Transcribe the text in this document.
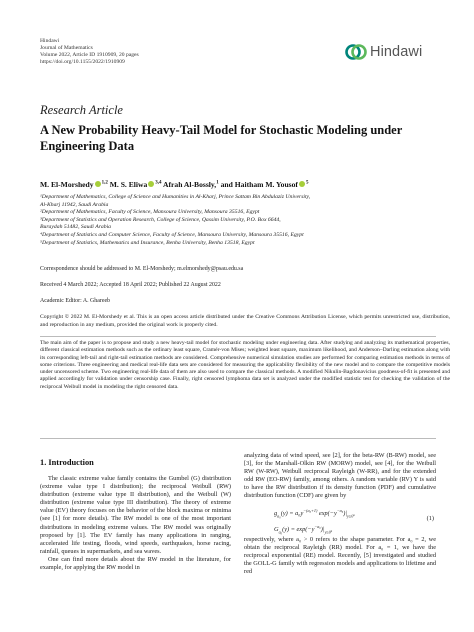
Hindawi
Journal of Mathematics
Volume 2022, Article ID 1910909, 20 pages
https://doi.org/10.1155/2022/1910909
Hindawi
Research Article
A New Probability Heavy-Tail Model for Stochastic Modeling under Engineering Data
M. El-Morshedy $^{1,2}$ M. S. Eliwa $^{3,4}$ Afrah Al-Bossly,$^1$ and Haitham M. Yousof $^5$
¹Department of Mathematics, College of Science and Humanities in Al-Kharj, Prince Sattam Bin Abdulaziz University,
Al-Kharj 11942, Saudi Arabia
²Department of Mathematics, Faculty of Science, Mansoura University, Mansoura 35516, Egypt
³Department of Statistics and Operation Research, College of Science, Qassim University, P.O. Box 6644,
Buraydah 51482, Saudi Arabia
⁴Department of Statistics and Computer Science, Faculty of Science, Mansoura University, Mansoura 35516, Egypt
⁵Department of Statistics, Mathematics and Insurance, Benha University, Benha 13518, Egypt
Correspondence should be addressed to M. El-Morshedy; m.elmorshedy@psau.edu.sa
Received 4 March 2022; Accepted 18 April 2022; Published 22 August 2022
Academic Editor: A. Ghareeb
Copyright © 2022 M. El-Morshedy et al. This is an open access article distributed under the Creative Commons Attribution License, which permits unrestricted use, distribution, and reproduction in any medium, provided the original work is properly cited.
The main aim of the paper is to propose and study a new heavy-tail model for stochastic modeling under engineering data. After studying and analyzing its mathematical properties, different classical estimation methods such as the ordinary least square, Cramér-von Mises; weighted least square, maximum likelihood, and Anderson–Darling estimation along with its corresponding left-tail and right-tail estimation methods are considered. Comprehensive numerical simulation studies are performed for comparing estimation methods in terms of some criterions. Three engineering and medical real-life data sets are considered for measuring the applicability flexibility of the new model and to compare the competitive models under uncensored scheme. Two engineering real-life data of them are also used to compare the classical methods. A modified Nikulin-Bagdonavicius goodness-of-fit is presented and applied accordingly for validation under censorship case. Finally, right censored lymphoma data set is analyzed under the modified statistic test for checking the validation of the reciprocal Weibull model in modeling the right censored data.
1. Introduction

The classic extreme value family contains the Gumbel (G) distribution (extreme value type I distribution); the reciprocal Weibull (RW) distribution (extreme value type II distribution), and the Weibull (W) distribution (extreme value type III distribution). The theory of extreme value (EV) theory focuses on the behavior of the block maxima or minima (see [1] for more details). The RW model is one of the most important distributions in modeling extreme values. The RW model was originally proposed by [1]. The EV family has many applications in ranging, accelerated life testing, floods, wind speeds, earthquakes, horse racing, rainfall, queues in supermarkets, and sea waves.

One can find more details about the RW model in the literature, for example, for applying the RW model in

analyzing data of wind speed, see [2], for the beta-RW (B-RW) model, see [3], for the Marshall-Olkin RW (MORW) model, see [4], for the Weibull RW (W-RW), Weibull reciprocal Rayleigh (W-RR), and for the extended odd RW (EO-RW) family, among others. A random variable (RV) Y is said to have the RW distribution if its density function (PDF) and cumulative distribution function (CDF) are given by

$g_{a_0}(y) = a_0y^{-(a_0+1)}$ $\exp(-y^{-a_0})|_{y\ge 0}$,
$G_{a_0}(y) = \exp(-y^{-a_0})|_{y\ge 0}$,
(1)

respectively, where a₀ > 0 refers to the shape parameter. For a₀ = 2, we obtain the reciprocal Rayleigh (RR) model. For a₀ = 1, we have the reciprocal exponential (RE) model. Recently, [5] investigated and studied the GOLL-G family with regression models and applications to lifetime and red
